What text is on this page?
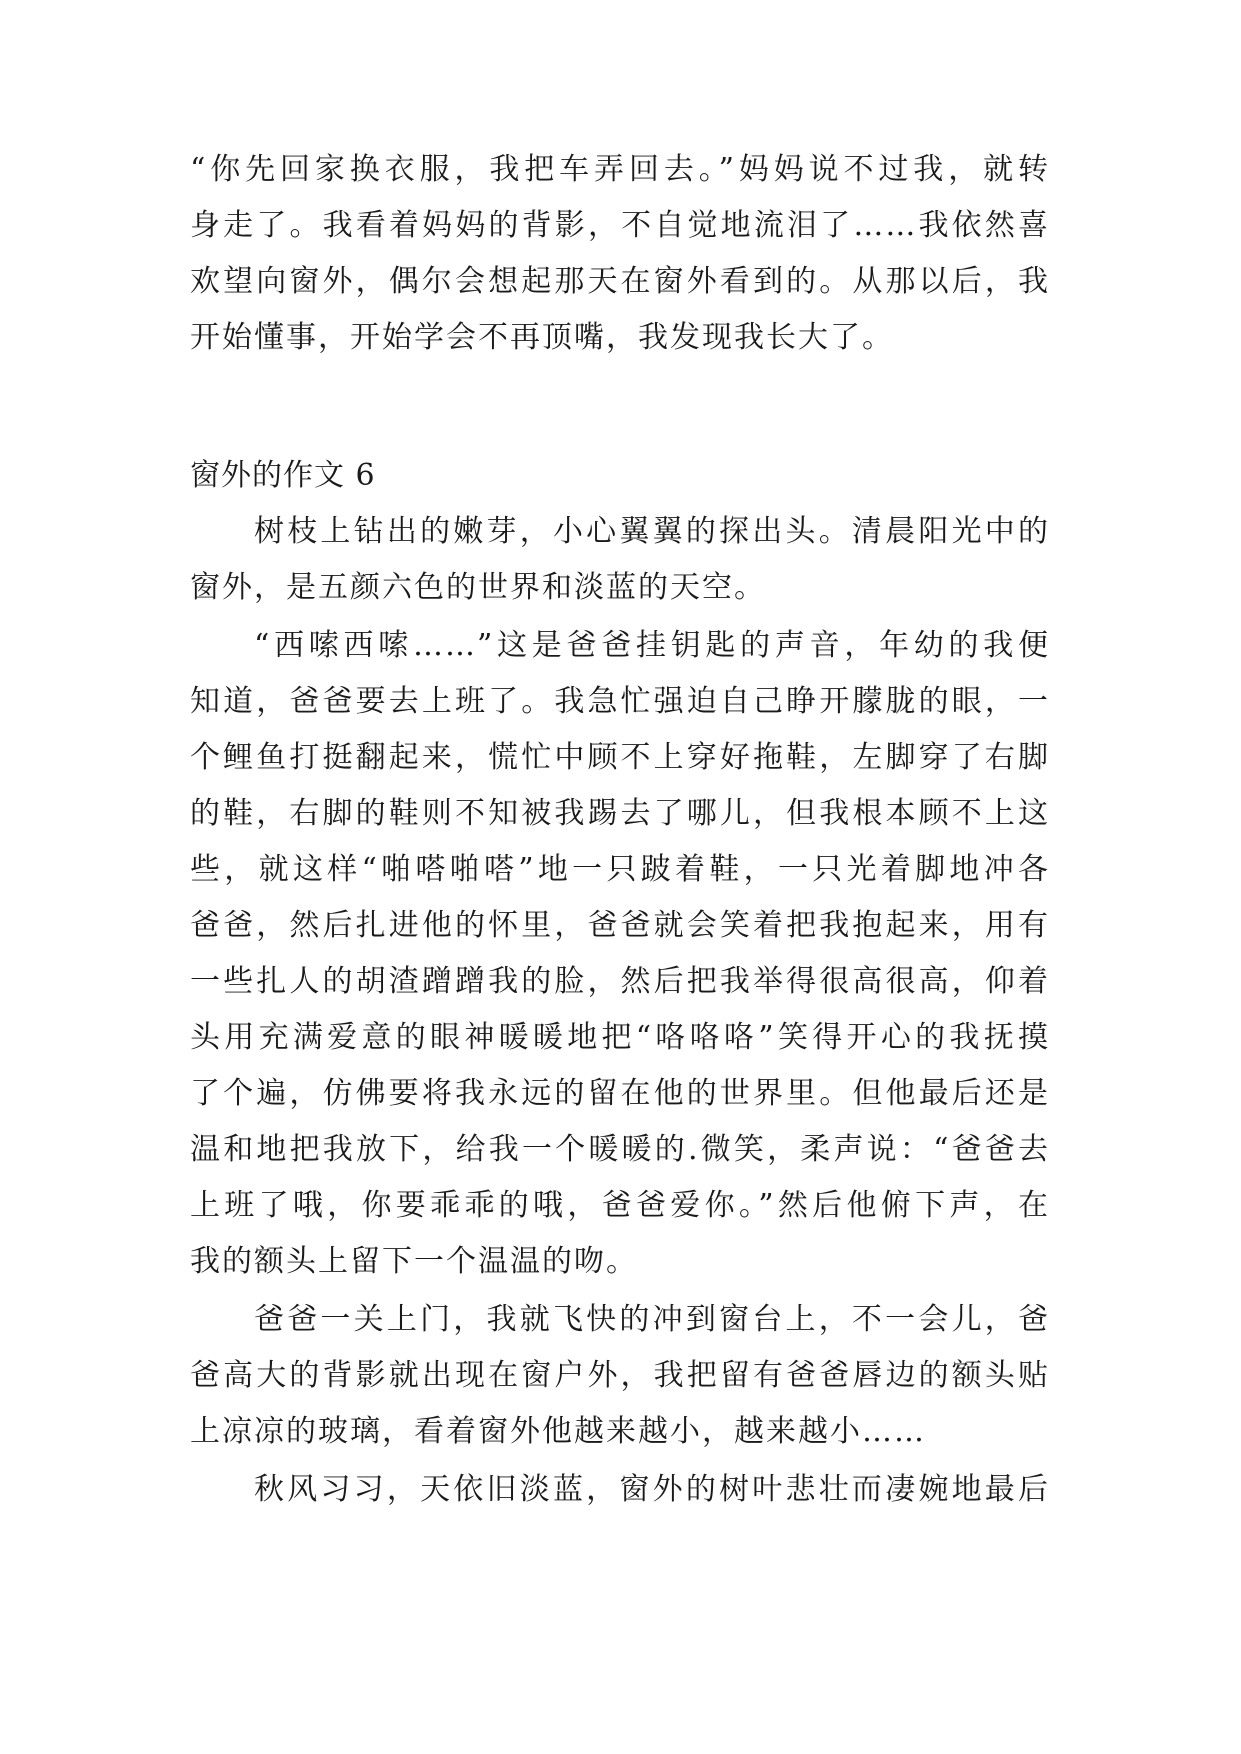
“你先回家换衣服，我把车弄回去。”妈妈说不过我，就转
身走了。我看着妈妈的背影，不自觉地流泪了……我依然喜
欢望向窗外，偶尔会想起那天在窗外看到的。从那以后，我
开始懂事，开始学会不再顶嘴，我发现我长大了。
窗外的作文 6
树枝上钻出的嫩芽，小心翼翼的探出头。清晨阳光中的
窗外，是五颜六色的世界和淡蓝的天空。
“西嗦西嗦……”这是爸爸挂钥匙的声音，年幼的我便
知道，爸爸要去上班了。我急忙强迫自己睁开朦胧的眼，一
个鲤鱼打挺翻起来，慌忙中顾不上穿好拖鞋，左脚穿了右脚
的鞋，右脚的鞋则不知被我踢去了哪儿，但我根本顾不上这
些，就这样“啪嗒啪嗒”地一只跛着鞋，一只光着脚地冲各
爸爸，然后扎进他的怀里，爸爸就会笑着把我抱起来，用有
一些扎人的胡渣蹭蹭我的脸，然后把我举得很高很高，仰着
头用充满爱意的眼神暖暖地把“咯咯咯”笑得开心的我抚摸
了个遍，仿佛要将我永远的留在他的世界里。但他最后还是
温和地把我放下，给我一个暖暖的.微笑，柔声说：“爸爸去
上班了哦，你要乖乖的哦，爸爸爱你。”然后他俯下声，在
我的额头上留下一个温温的吻。
爸爸一关上门，我就飞快的冲到窗台上，不一会儿，爸
爸高大的背影就出现在窗户外，我把留有爸爸唇边的额头贴
上凉凉的玻璃，看着窗外他越来越小，越来越小……
秋风习习，天依旧淡蓝，窗外的树叶悲壮而凄婉地最后
